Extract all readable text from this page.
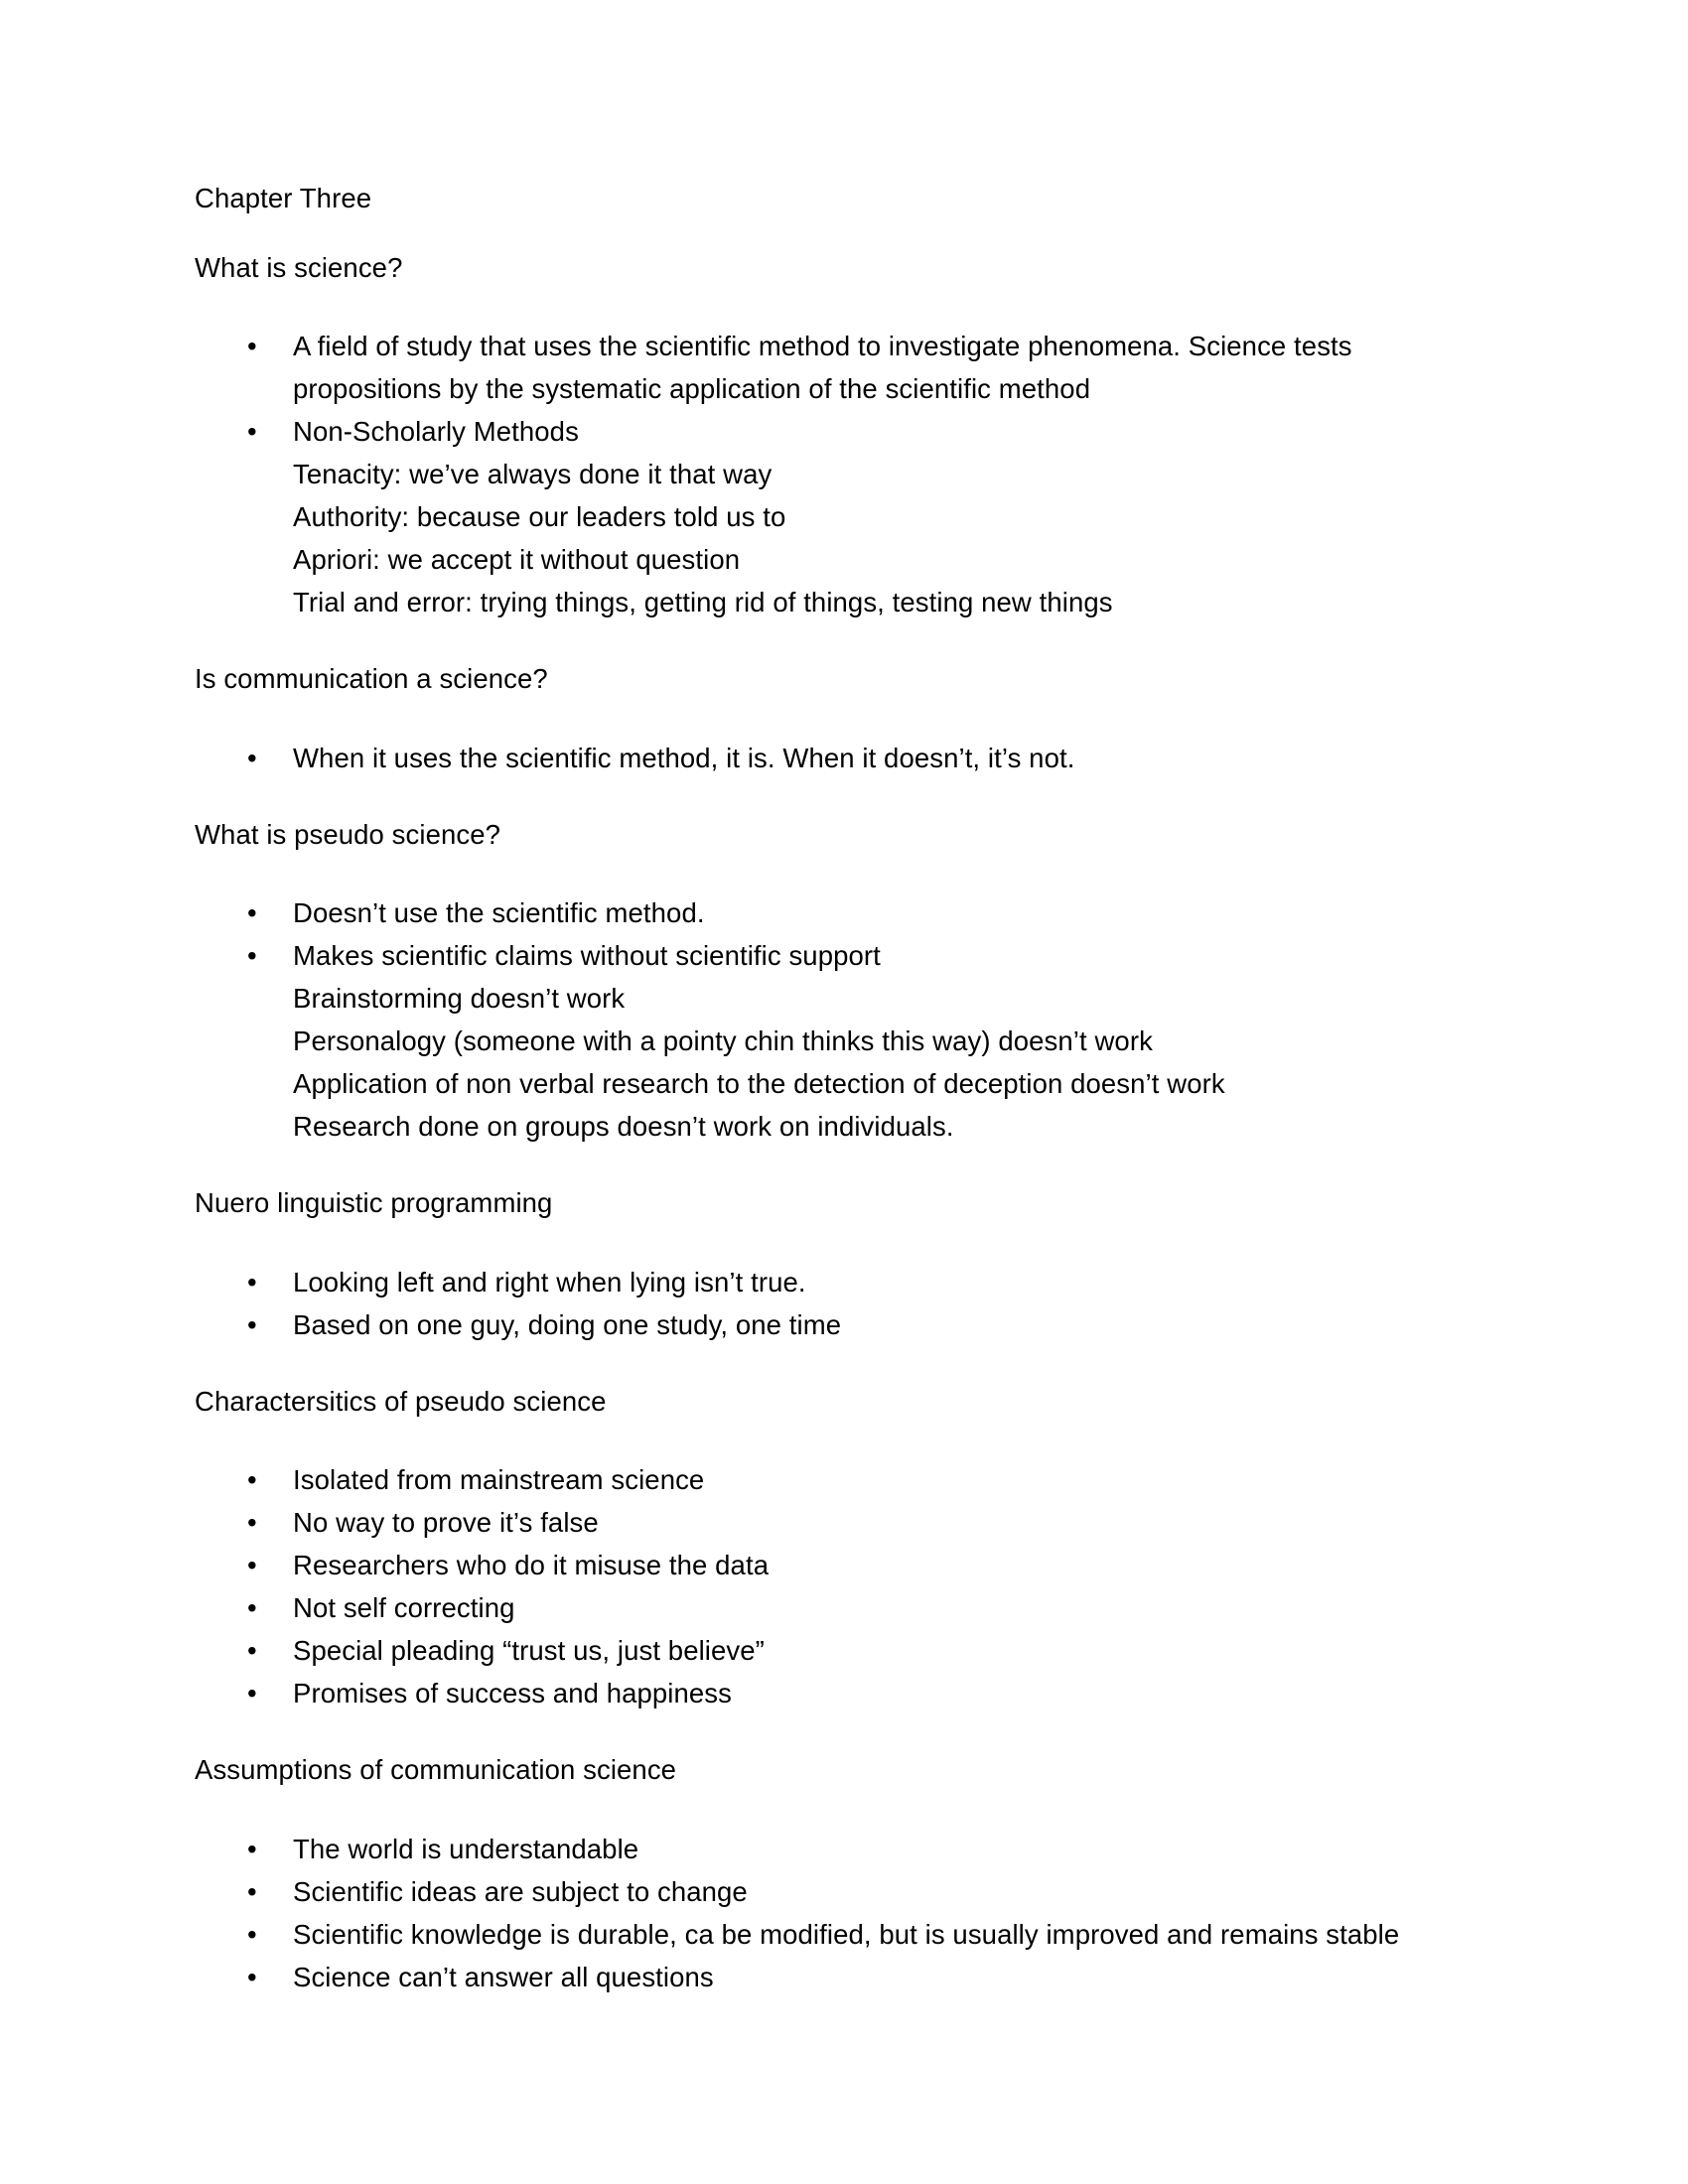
Chapter Three
What is science?
• A field of study that uses the scientific method to investigate phenomena. Science tests propositions by the systematic application of the scientific method
• Non-Scholarly Methods
Tenacity: we’ve always done it that way
Authority: because our leaders told us to
Apriori: we accept it without question
Trial and error: trying things, getting rid of things, testing new things
Is communication a science?
• When it uses the scientific method, it is. When it doesn’t, it’s not.
What is pseudo science?
• Doesn’t use the scientific method.
• Makes scientific claims without scientific support
Brainstorming doesn’t work
Personalogy (someone with a pointy chin thinks this way) doesn’t work
Application of non verbal research to the detection of deception doesn’t work
Research done on groups doesn’t work on individuals.
Nuero linguistic programming
• Looking left and right when lying isn’t true.
• Based on one guy, doing one study, one time
Charactersitics of pseudo science
• Isolated from mainstream science
• No way to prove it’s false
• Researchers who do it misuse the data
• Not self correcting
• Special pleading “trust us, just believe”
• Promises of success and happiness
Assumptions of communication science
• The world is understandable
• Scientific ideas are subject to change
• Scientific knowledge is durable, ca be modified, but is usually improved and remains stable
• Science can’t answer all questions
